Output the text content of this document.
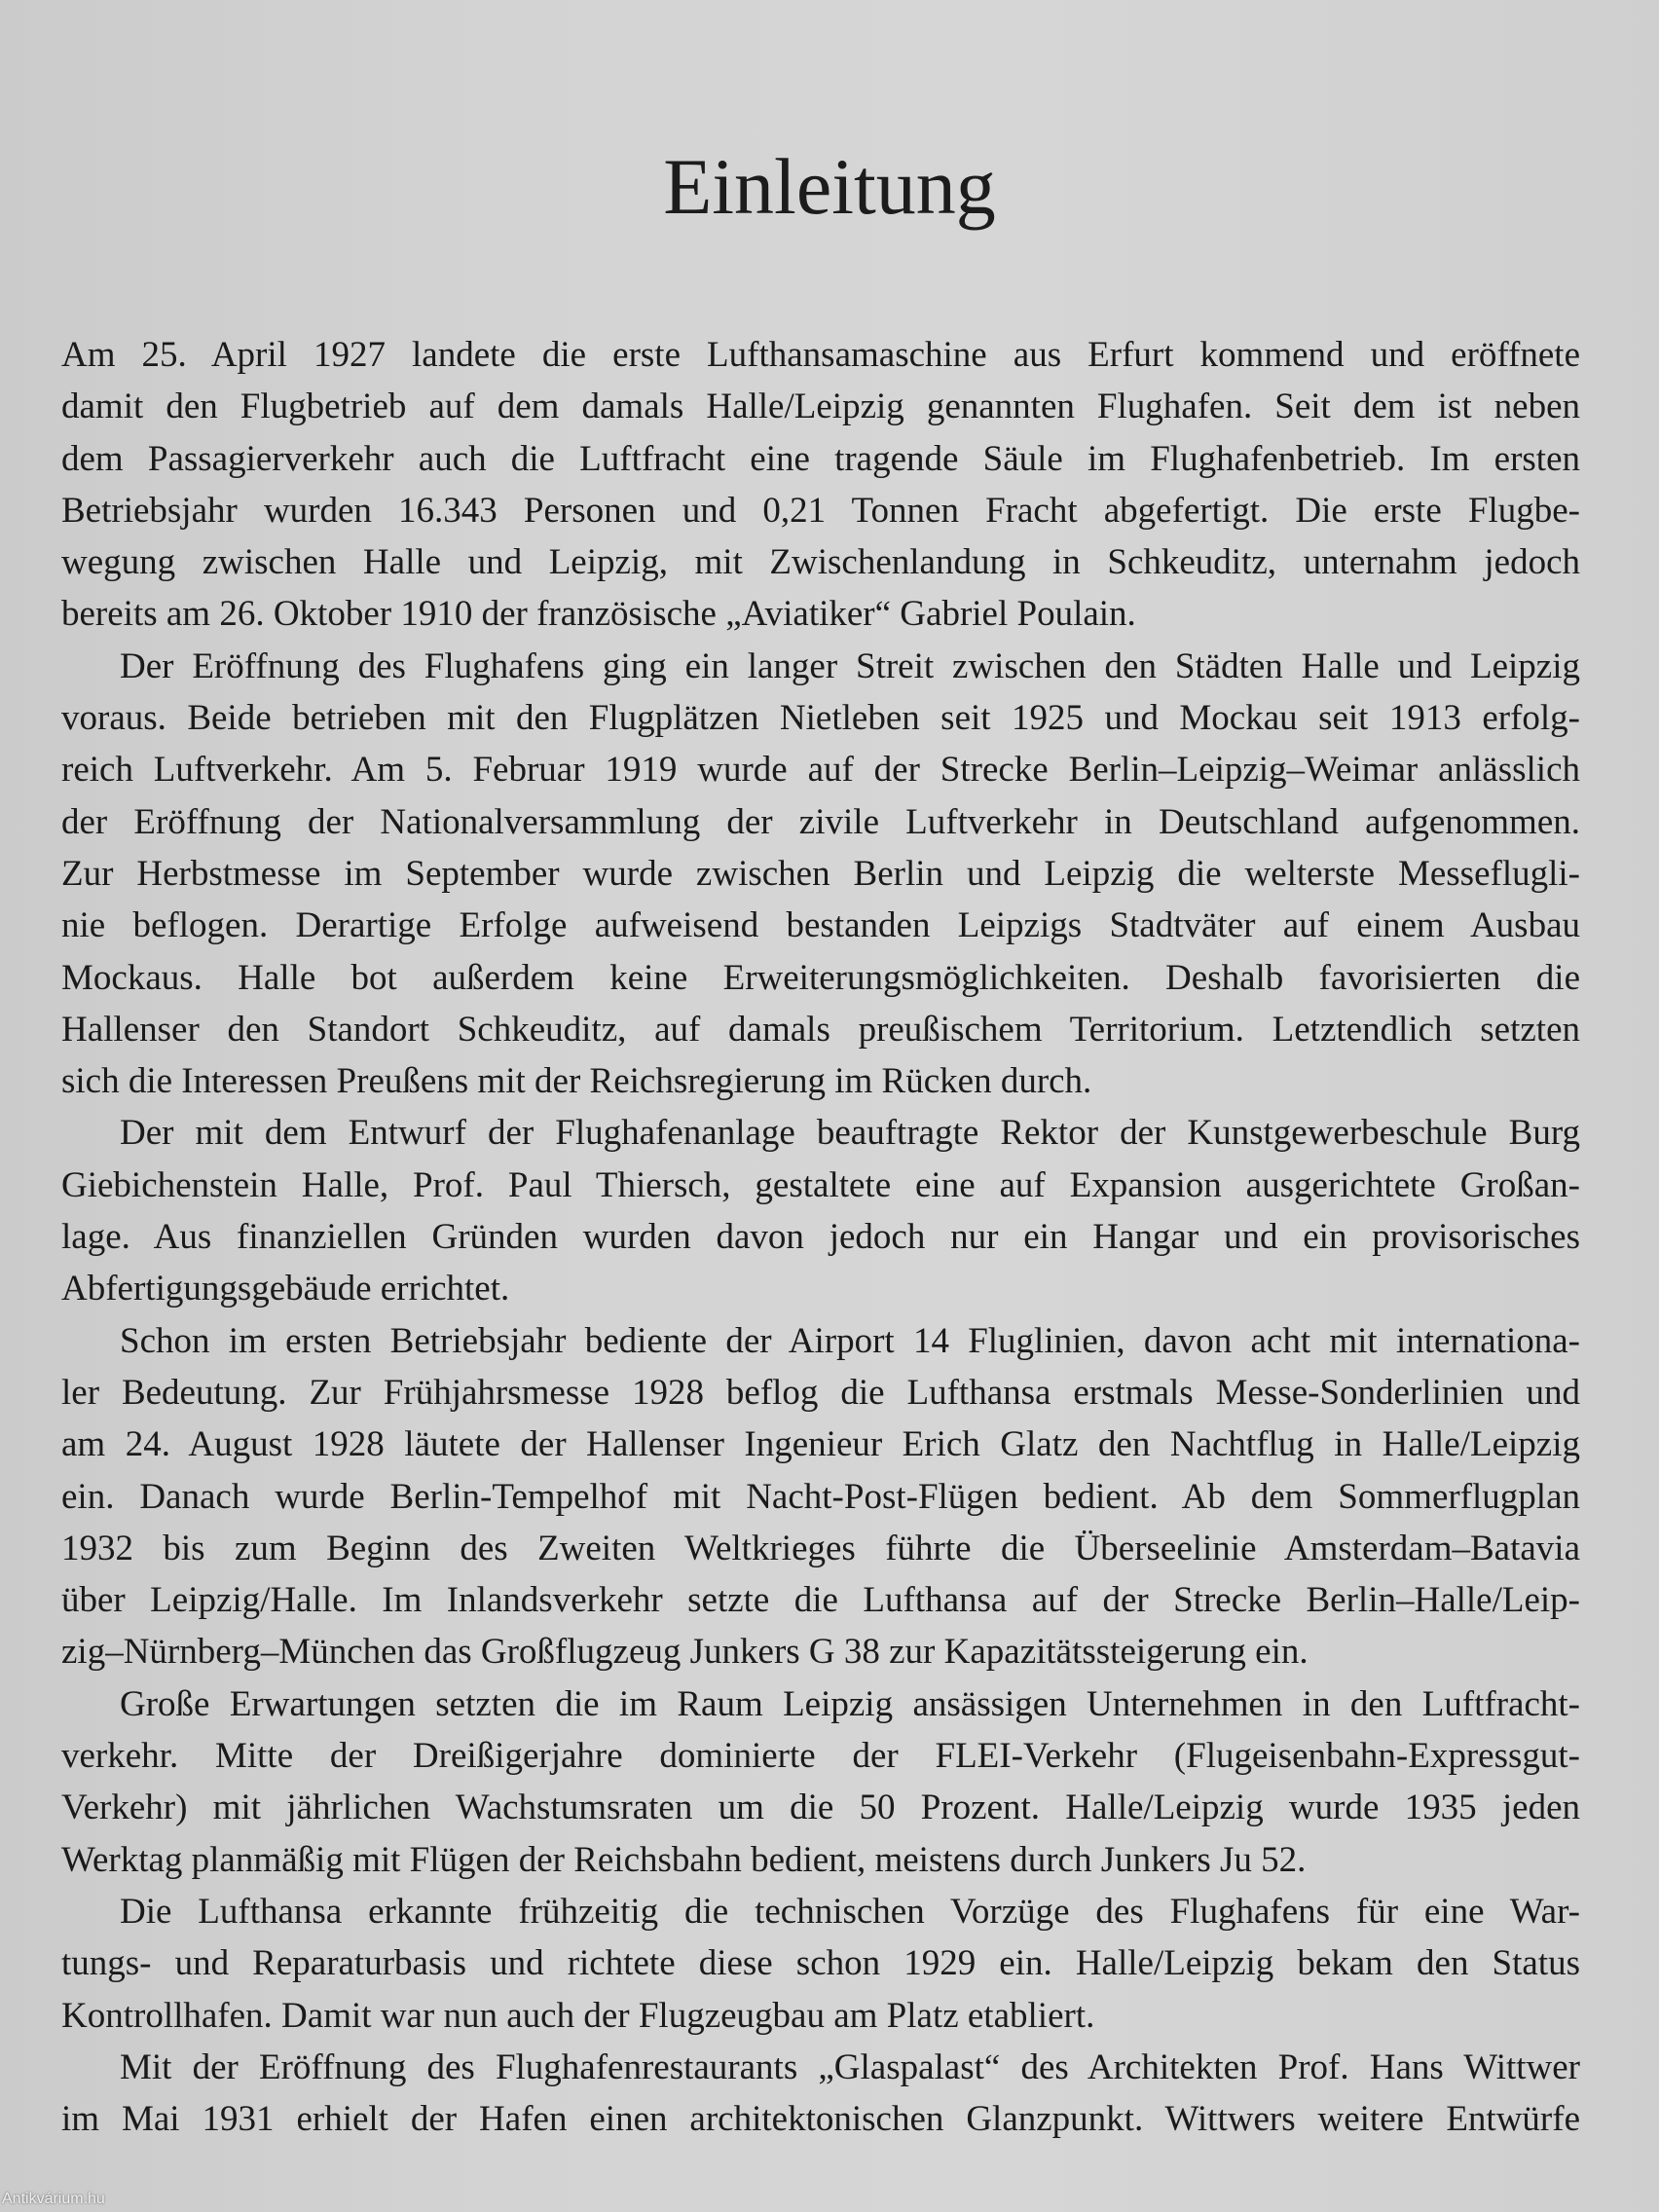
Einleitung
Am 25. April 1927 landete die erste Lufthansamaschine aus Erfurt kommend und eröffnete
damit den Flugbetrieb auf dem damals Halle/Leipzig genannten Flughafen. Seit dem ist neben
dem Passagierverkehr auch die Luftfracht eine tragende Säule im Flughafenbetrieb. Im ersten
Betriebsjahr wurden 16.343 Personen und 0,21 Tonnen Fracht abgefertigt. Die erste Flugbe-
wegung zwischen Halle und Leipzig, mit Zwischenlandung in Schkeuditz, unternahm jedoch
bereits am 26. Oktober 1910 der französische „Aviatiker“ Gabriel Poulain.
Der Eröffnung des Flughafens ging ein langer Streit zwischen den Städten Halle und Leipzig
voraus. Beide betrieben mit den Flugplätzen Nietleben seit 1925 und Mockau seit 1913 erfolg-
reich Luftverkehr. Am 5. Februar 1919 wurde auf der Strecke Berlin–Leipzig–Weimar anlässlich
der Eröffnung der Nationalversammlung der zivile Luftverkehr in Deutschland aufgenommen.
Zur Herbstmesse im September wurde zwischen Berlin und Leipzig die welterste Messeflugli-
nie beflogen. Derartige Erfolge aufweisend bestanden Leipzigs Stadtväter auf einem Ausbau
Mockaus. Halle bot außerdem keine Erweiterungsmöglichkeiten. Deshalb favorisierten die
Hallenser den Standort Schkeuditz, auf damals preußischem Territorium. Letztendlich setzten
sich die Interessen Preußens mit der Reichsregierung im Rücken durch.
Der mit dem Entwurf der Flughafenanlage beauftragte Rektor der Kunstgewerbeschule Burg
Giebichenstein Halle, Prof. Paul Thiersch, gestaltete eine auf Expansion ausgerichtete Großan-
lage. Aus finanziellen Gründen wurden davon jedoch nur ein Hangar und ein provisorisches
Abfertigungsgebäude errichtet.
Schon im ersten Betriebsjahr bediente der Airport 14 Fluglinien, davon acht mit internationa-
ler Bedeutung. Zur Frühjahrsmesse 1928 beflog die Lufthansa erstmals Messe-Sonderlinien und
am 24. August 1928 läutete der Hallenser Ingenieur Erich Glatz den Nachtflug in Halle/Leipzig
ein. Danach wurde Berlin-Tempelhof mit Nacht-Post-Flügen bedient. Ab dem Sommerflugplan
1932 bis zum Beginn des Zweiten Weltkrieges führte die Überseelinie Amsterdam–Batavia
über Leipzig/Halle. Im Inlandsverkehr setzte die Lufthansa auf der Strecke Berlin–Halle/Leip-
zig–Nürnberg–München das Großflugzeug Junkers G 38 zur Kapazitätssteigerung ein.
Große Erwartungen setzten die im Raum Leipzig ansässigen Unternehmen in den Luftfracht-
verkehr. Mitte der Dreißigerjahre dominierte der FLEI-Verkehr (Flugeisenbahn-Expressgut-
Verkehr) mit jährlichen Wachstumsraten um die 50 Prozent. Halle/Leipzig wurde 1935 jeden
Werktag planmäßig mit Flügen der Reichsbahn bedient, meistens durch Junkers Ju 52.
Die Lufthansa erkannte frühzeitig die technischen Vorzüge des Flughafens für eine War-
tungs- und Reparaturbasis und richtete diese schon 1929 ein. Halle/Leipzig bekam den Status
Kontrollhafen. Damit war nun auch der Flugzeugbau am Platz etabliert.
Mit der Eröffnung des Flughafenrestaurants „Glaspalast“ des Architekten Prof. Hans Wittwer
im Mai 1931 erhielt der Hafen einen architektonischen Glanzpunkt. Wittwers weitere Entwürfe
Antikvárium.hu
